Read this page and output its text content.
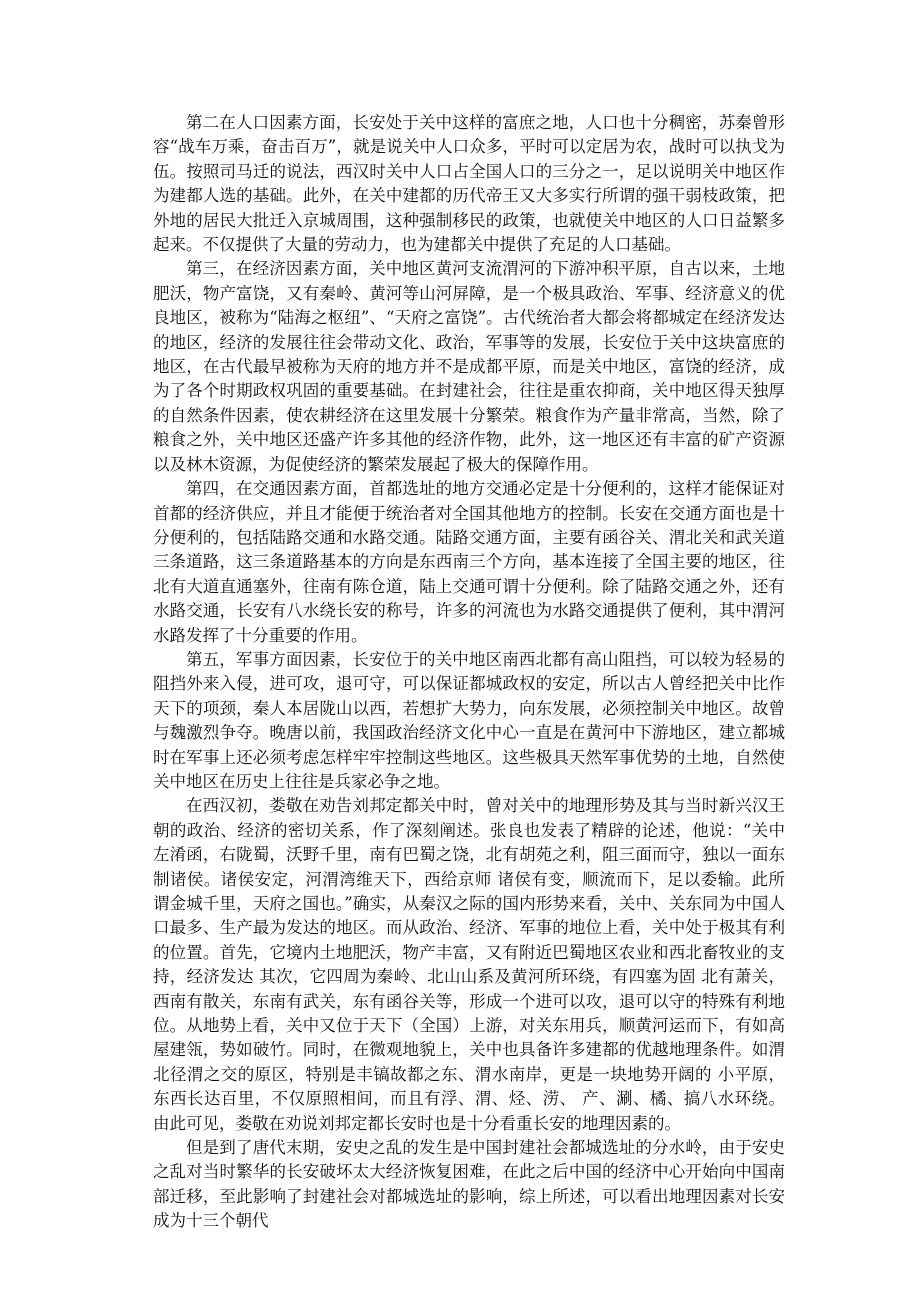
第二在人口因素方面，长安处于关中这样的富庶之地，人口也十分稠密，苏秦曾形容“战车万乘，奋击百万”，就是说关中人口众多，平时可以定居为农，战时可以执戈为伍。按照司马迁的说法，西汉时关中人口占全国人口的三分之一，足以说明关中地区作为建都人选的基础。此外，在关中建都的历代帝王又大多实行所谓的强干弱枝政策，把外地的居民大批迁入京城周围，这种强制移民的政策，也就使关中地区的人口日益繁多起来。不仅提供了大量的劳动力，也为建都关中提供了充足的人口基础。

第三，在经济因素方面，关中地区黄河支流渭河的下游冲积平原，自古以来，土地肥沃，物产富饶，又有秦岭、黄河等山河屏障，是一个极具政治、军事、经济意义的优良地区，被称为“陆海之枢纽”、“天府之富饶”。古代统治者大都会将都城定在经济发达的地区，经济的发展往往会带动文化、政治，军事等的发展，长安位于关中这块富庶的地区，在古代最早被称为天府的地方并不是成都平原，而是关中地区，富饶的经济，成为了各个时期政权巩固的重要基础。在封建社会，往往是重农抑商，关中地区得天独厚的自然条件因素，使农耕经济在这里发展十分繁荣。粮食作为产量非常高，当然，除了粮食之外，关中地区还盛产许多其他的经济作物，此外，这一地区还有丰富的矿产资源以及林木资源，为促使经济的繁荣发展起了极大的保障作用。

第四，在交通因素方面，首都选址的地方交通必定是十分便利的，这样才能保证对首都的经济供应，并且才能便于统治者对全国其他地方的控制。长安在交通方面也是十分便利的，包括陆路交通和水路交通。陆路交通方面，主要有函谷关、渭北关和武关道三条道路，这三条道路基本的方向是东西南三个方向，基本连接了全国主要的地区，往北有大道直通塞外，往南有陈仓道，陆上交通可谓十分便利。除了陆路交通之外，还有水路交通，长安有八水绕长安的称号，许多的河流也为水路交通提供了便利，其中渭河水路发挥了十分重要的作用。

第五，军事方面因素，长安位于的关中地区南西北都有高山阻挡，可以较为轻易的阻挡外来入侵，进可攻，退可守，可以保证都城政权的安定，所以古人曾经把关中比作天下的项颈，秦人本居陇山以西，若想扩大势力，向东发展，必须控制关中地区。故曾与魏激烈争夺。晚唐以前，我国政治经济文化中心一直是在黄河中下游地区，建立都城时在军事上还必须考虑怎样牢牢控制这些地区。这些极具天然军事优势的土地，自然使关中地区在历史上往往是兵家必争之地。

在西汉初，娄敬在劝告刘邦定都关中时，曾对关中的地理形势及其与当时新兴汉王朝的政治、经济的密切关系，作了深刻阐述。张良也发表了精辟的论述，他说：“关中左淆函，右陇蜀，沃野千里，南有巴蜀之饶，北有胡苑之利，阻三面而守，独以一面东制诸侯。诸侯安定，河渭湾维天下，西给京师 诸侯有变，顺流而下，足以委输。此所谓金城千里，天府之国也。”确实，从秦汉之际的国内形势来看，关中、关东同为中国人口最多、生产最为发达的地区。而从政治、经济、军事的地位上看，关中处于极其有利的位置。首先，它境内土地肥沃，物产丰富，又有附近巴蜀地区农业和西北畜牧业的支持，经济发达 其次，它四周为秦岭、北山山系及黄河所环绕，有四塞为固 北有萧关，西南有散关，东南有武关，东有函谷关等，形成一个进可以攻，退可以守的特殊有利地位。从地势上看，关中又位于天下（全国）上游，对关东用兵，顺黄河运而下，有如高屋建瓴，势如破竹。同时，在微观地貌上，关中也具备许多建都的优越地理条件。如渭北径渭之交的原区，特别是丰镐故都之东、渭水南岸，更是一块地势开阔的 小平原，东西长达百里，不仅原照相间，而且有浮、渭、烃、涝、 产、涮、橘、搞八水环绕。由此可见，娄敬在劝说刘邦定都长安时也是十分看重长安的地理因素的。

但是到了唐代末期，安史之乱的发生是中国封建社会都城选址的分水岭，由于安史之乱对当时繁华的长安破坏太大经济恢复困难，在此之后中国的经济中心开始向中国南部迁移，至此影响了封建社会对都城选址的影响，综上所述，可以看出地理因素对长安成为十三个朝代
